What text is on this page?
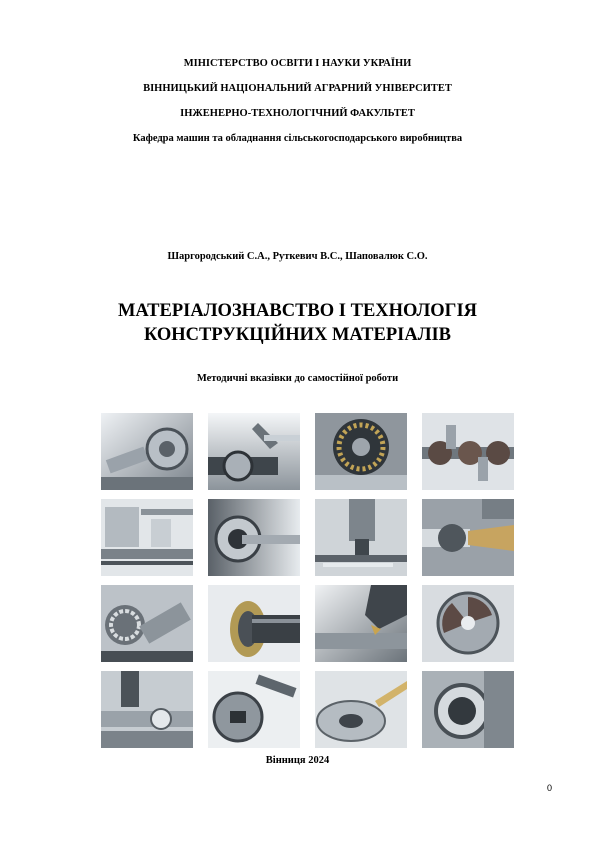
МІНІСТЕРСТВО ОСВІТИ І НАУКИ УКРАЇНИ
ВІННИЦЬКИЙ НАЦІОНАЛЬНИЙ АГРАРНИЙ УНІВЕРСИТЕТ
ІНЖЕНЕРНО-ТЕХНОЛОГІЧНИЙ ФАКУЛЬТЕТ
Кафедра машин та обладнання сільськогосподарського виробництва
Шаргородський С.А., Руткевич В.С., Шаповалюк С.О.
МАТЕРІАЛОЗНАВСТВО І ТЕХНОЛОГІЯ
КОНСТРУКЦІЙНИХ МАТЕРІАЛІВ
Методичні вказівки до самостійної роботи
Вінниця 2024
0
